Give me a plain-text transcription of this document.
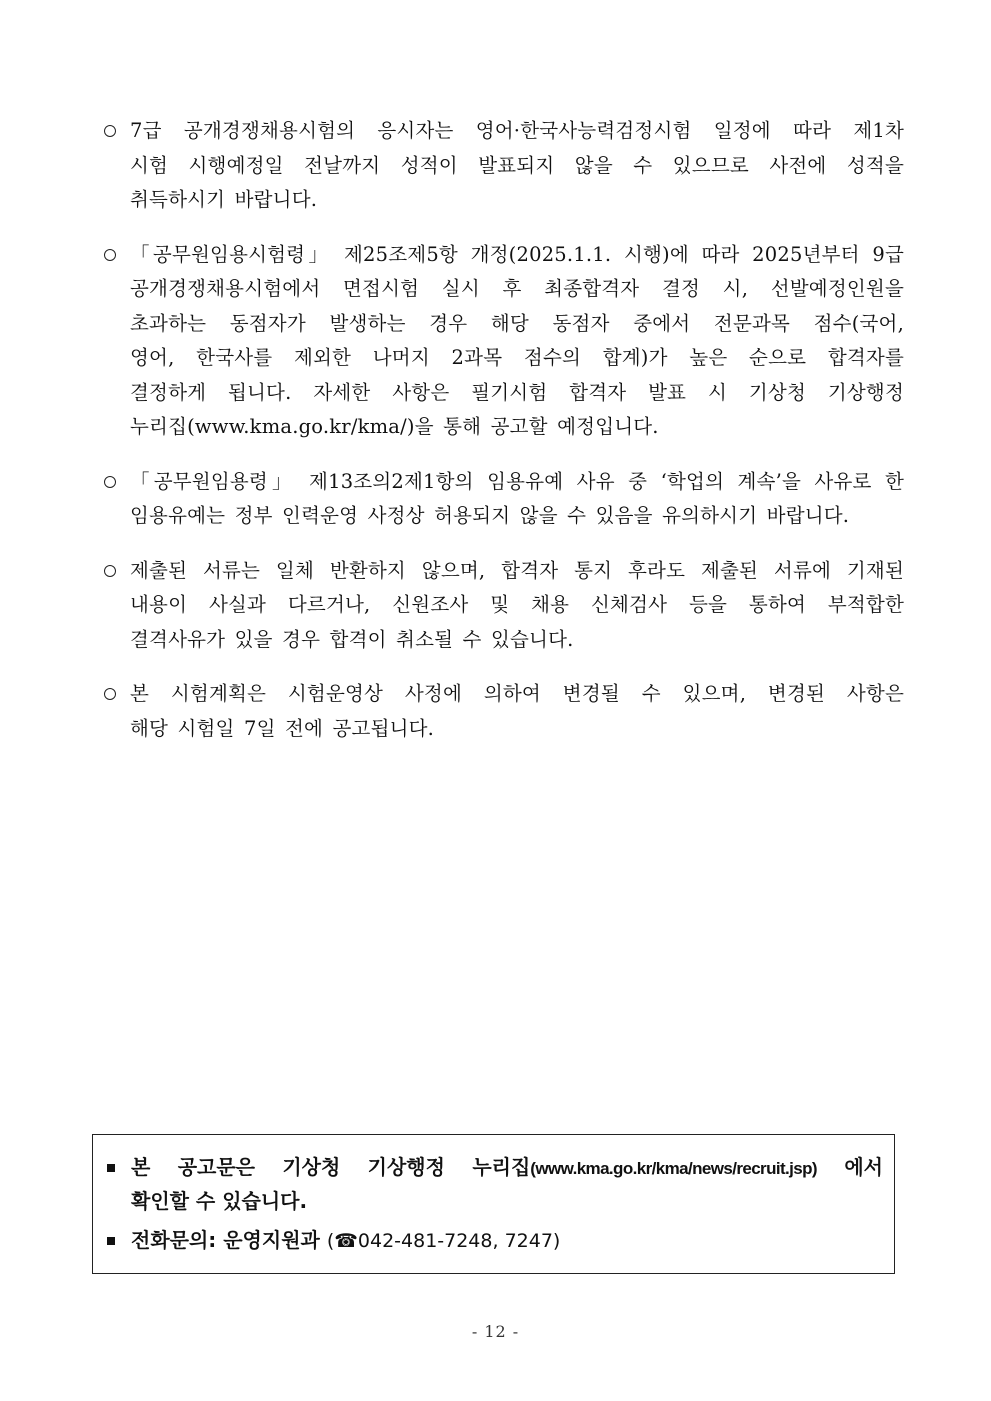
7급 공개경쟁채용시험의 응시자는 영어·한국사능력검정시험 일정에 따라 제1차
시험 시행예정일 전날까지 성적이 발표되지 않을 수 있으므로 사전에 성적을
취득하시기 바랍니다.
「공무원임용시험령」 제25조제5항 개정(2025.1.1. 시행)에 따라 2025년부터 9급
공개경쟁채용시험에서 면접시험 실시 후 최종합격자 결정 시, 선발예정인원을
초과하는 동점자가 발생하는 경우 해당 동점자 중에서 전문과목 점수(국어,
영어, 한국사를 제외한 나머지 2과목 점수의 합계)가 높은 순으로 합격자를
결정하게 됩니다. 자세한 사항은 필기시험 합격자 발표 시 기상청 기상행정
누리집(www.kma.go.kr/kma/)을 통해 공고할 예정입니다.
「공무원임용령」 제13조의2제1항의 임용유예 사유 중 ‘학업의 계속’을 사유로 한
임용유예는 정부 인력운영 사정상 허용되지 않을 수 있음을 유의하시기 바랍니다.
제출된 서류는 일체 반환하지 않으며, 합격자 통지 후라도 제출된 서류에 기재된
내용이 사실과 다르거나, 신원조사 및 채용 신체검사 등을 통하여 부적합한
결격사유가 있을 경우 합격이 취소될 수 있습니다.
본 시험계획은 시험운영상 사정에 의하여 변경될 수 있으며, 변경된 사항은
해당 시험일 7일 전에 공고됩니다.
본 공고문은 기상청 기상행정 누리집(www.kma.go.kr/kma/news/recruit.jsp) 에서
확인할 수 있습니다.
전화문의: 운영지원과 (☎042-481-7248, 7247)
- 12 -
